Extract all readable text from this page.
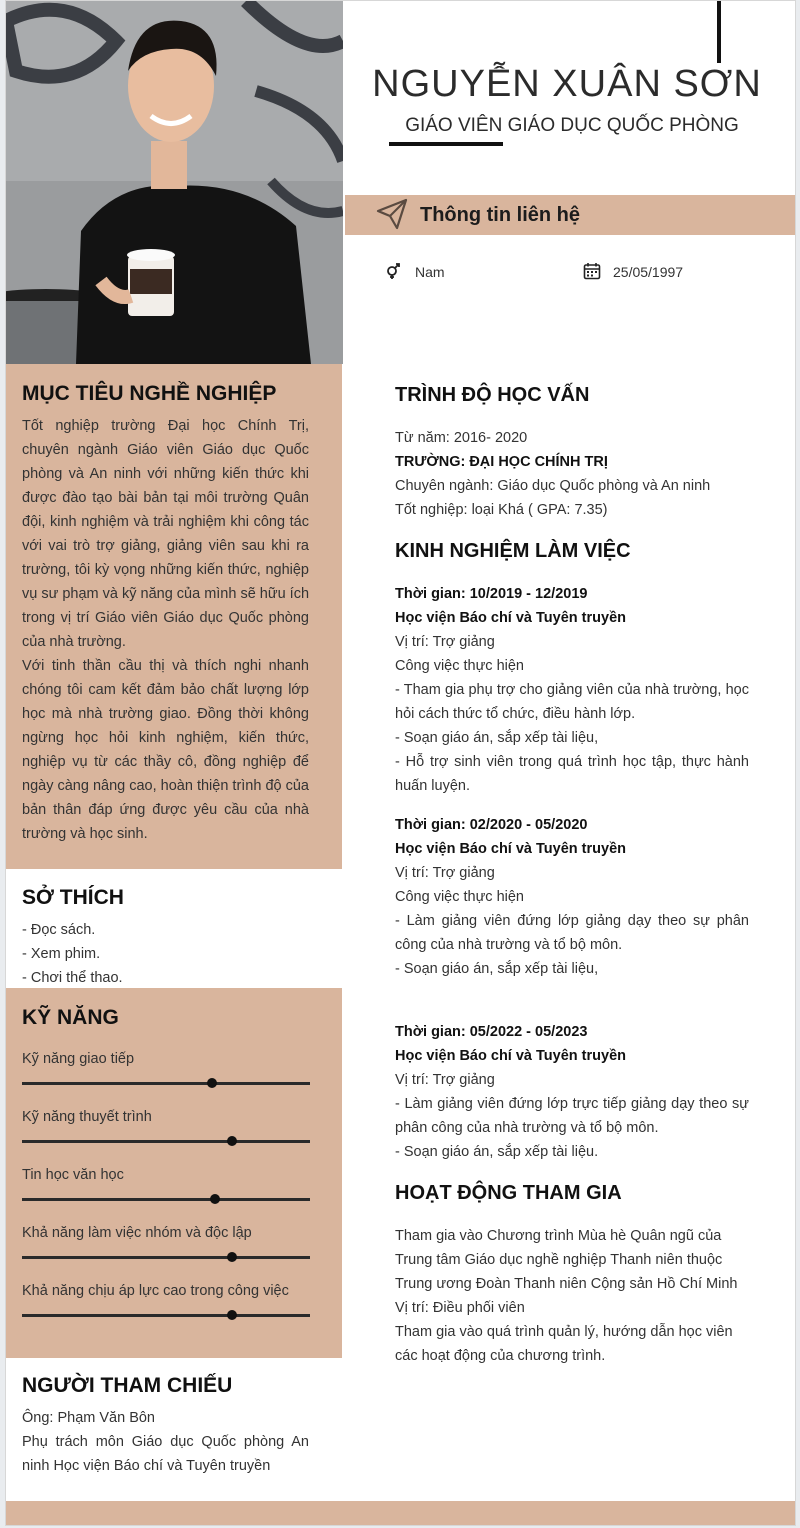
NGUYỄN XUÂN SƠN
GIÁO VIÊN GIÁO DỤC QUỐC PHÒNG
Thông tin liên hệ
Nam	25/05/1997
MỤC TIÊU NGHỀ NGHIỆP
Tốt nghiệp trường Đại học Chính Trị, chuyên ngành Giáo viên Giáo dục Quốc phòng và An ninh với những kiến thức khi được đào tạo bài bản tại môi trường Quân đội, kinh nghiệm và trải nghiệm khi công tác với vai trò trợ giảng, giảng viên sau khi ra trường, tôi kỳ vọng những kiến thức, nghiệp vụ sư phạm và kỹ năng của mình sẽ hữu ích trong vị trí Giáo viên Giáo dục Quốc phòng của nhà trường.
Với tinh thần cầu thị và thích nghi nhanh chóng tôi cam kết đảm bảo chất lượng lớp học mà nhà trường giao. Đồng thời không ngừng học hỏi kinh nghiệm, kiến thức, nghiệp vụ từ các thầy cô, đồng nghiệp để ngày càng nâng cao, hoàn thiện trình độ của bản thân đáp ứng được yêu cầu của nhà trường và học sinh.
SỞ THÍCH
- Đọc sách.
- Xem phim.
- Chơi thể thao.
KỸ NĂNG
Kỹ năng giao tiếp
Kỹ năng thuyết trình
Tin học văn học
Khả năng làm việc nhóm và độc lập
Khả năng chịu áp lực cao trong công việc
NGƯỜI THAM CHIẾU
Ông: Phạm Văn Bôn
Phụ trách môn Giáo dục Quốc phòng An ninh Học viện Báo chí và Tuyên truyền
TRÌNH ĐỘ HỌC VẤN
Từ năm: 2016- 2020
TRƯỜNG: ĐẠI HỌC CHÍNH TRỊ
Chuyên ngành: Giáo dục Quốc phòng và An ninh
Tốt nghiệp: loại Khá ( GPA: 7.35)
KINH NGHIỆM LÀM VIỆC
Thời gian: 10/2019 - 12/2019
Học viện Báo chí và Tuyên truyền
Vị trí: Trợ giảng
Công việc thực hiện
- Tham gia phụ trợ cho giảng viên của nhà trường, học hỏi cách thức tổ chức, điều hành lớp.
- Soạn giáo án, sắp xếp tài liệu,
- Hỗ trợ sinh viên trong quá trình học tập, thực hành huấn luyện.
Thời gian: 02/2020 - 05/2020
Học viện Báo chí và Tuyên truyền
Vị trí: Trợ giảng
Công việc thực hiện
- Làm giảng viên đứng lớp giảng dạy theo sự phân công của nhà trường và tổ bộ môn.
- Soạn giáo án, sắp xếp tài liệu,
Thời gian: 05/2022 - 05/2023
Học viện Báo chí và Tuyên truyền
Vị trí: Trợ giảng
- Làm giảng viên đứng lớp trực tiếp giảng dạy theo sự phân công của nhà trường và tổ bộ môn.
- Soạn giáo án, sắp xếp tài liệu.
HOẠT ĐỘNG THAM GIA
Tham gia vào Chương trình Mùa hè Quân ngũ của Trung tâm Giáo dục nghề nghiệp Thanh niên thuộc Trung ương Đoàn Thanh niên Cộng sản Hồ Chí Minh
Vị trí: Điều phối viên
Tham gia vào quá trình quản lý, hướng dẫn học viên các hoạt động của chương trình.
